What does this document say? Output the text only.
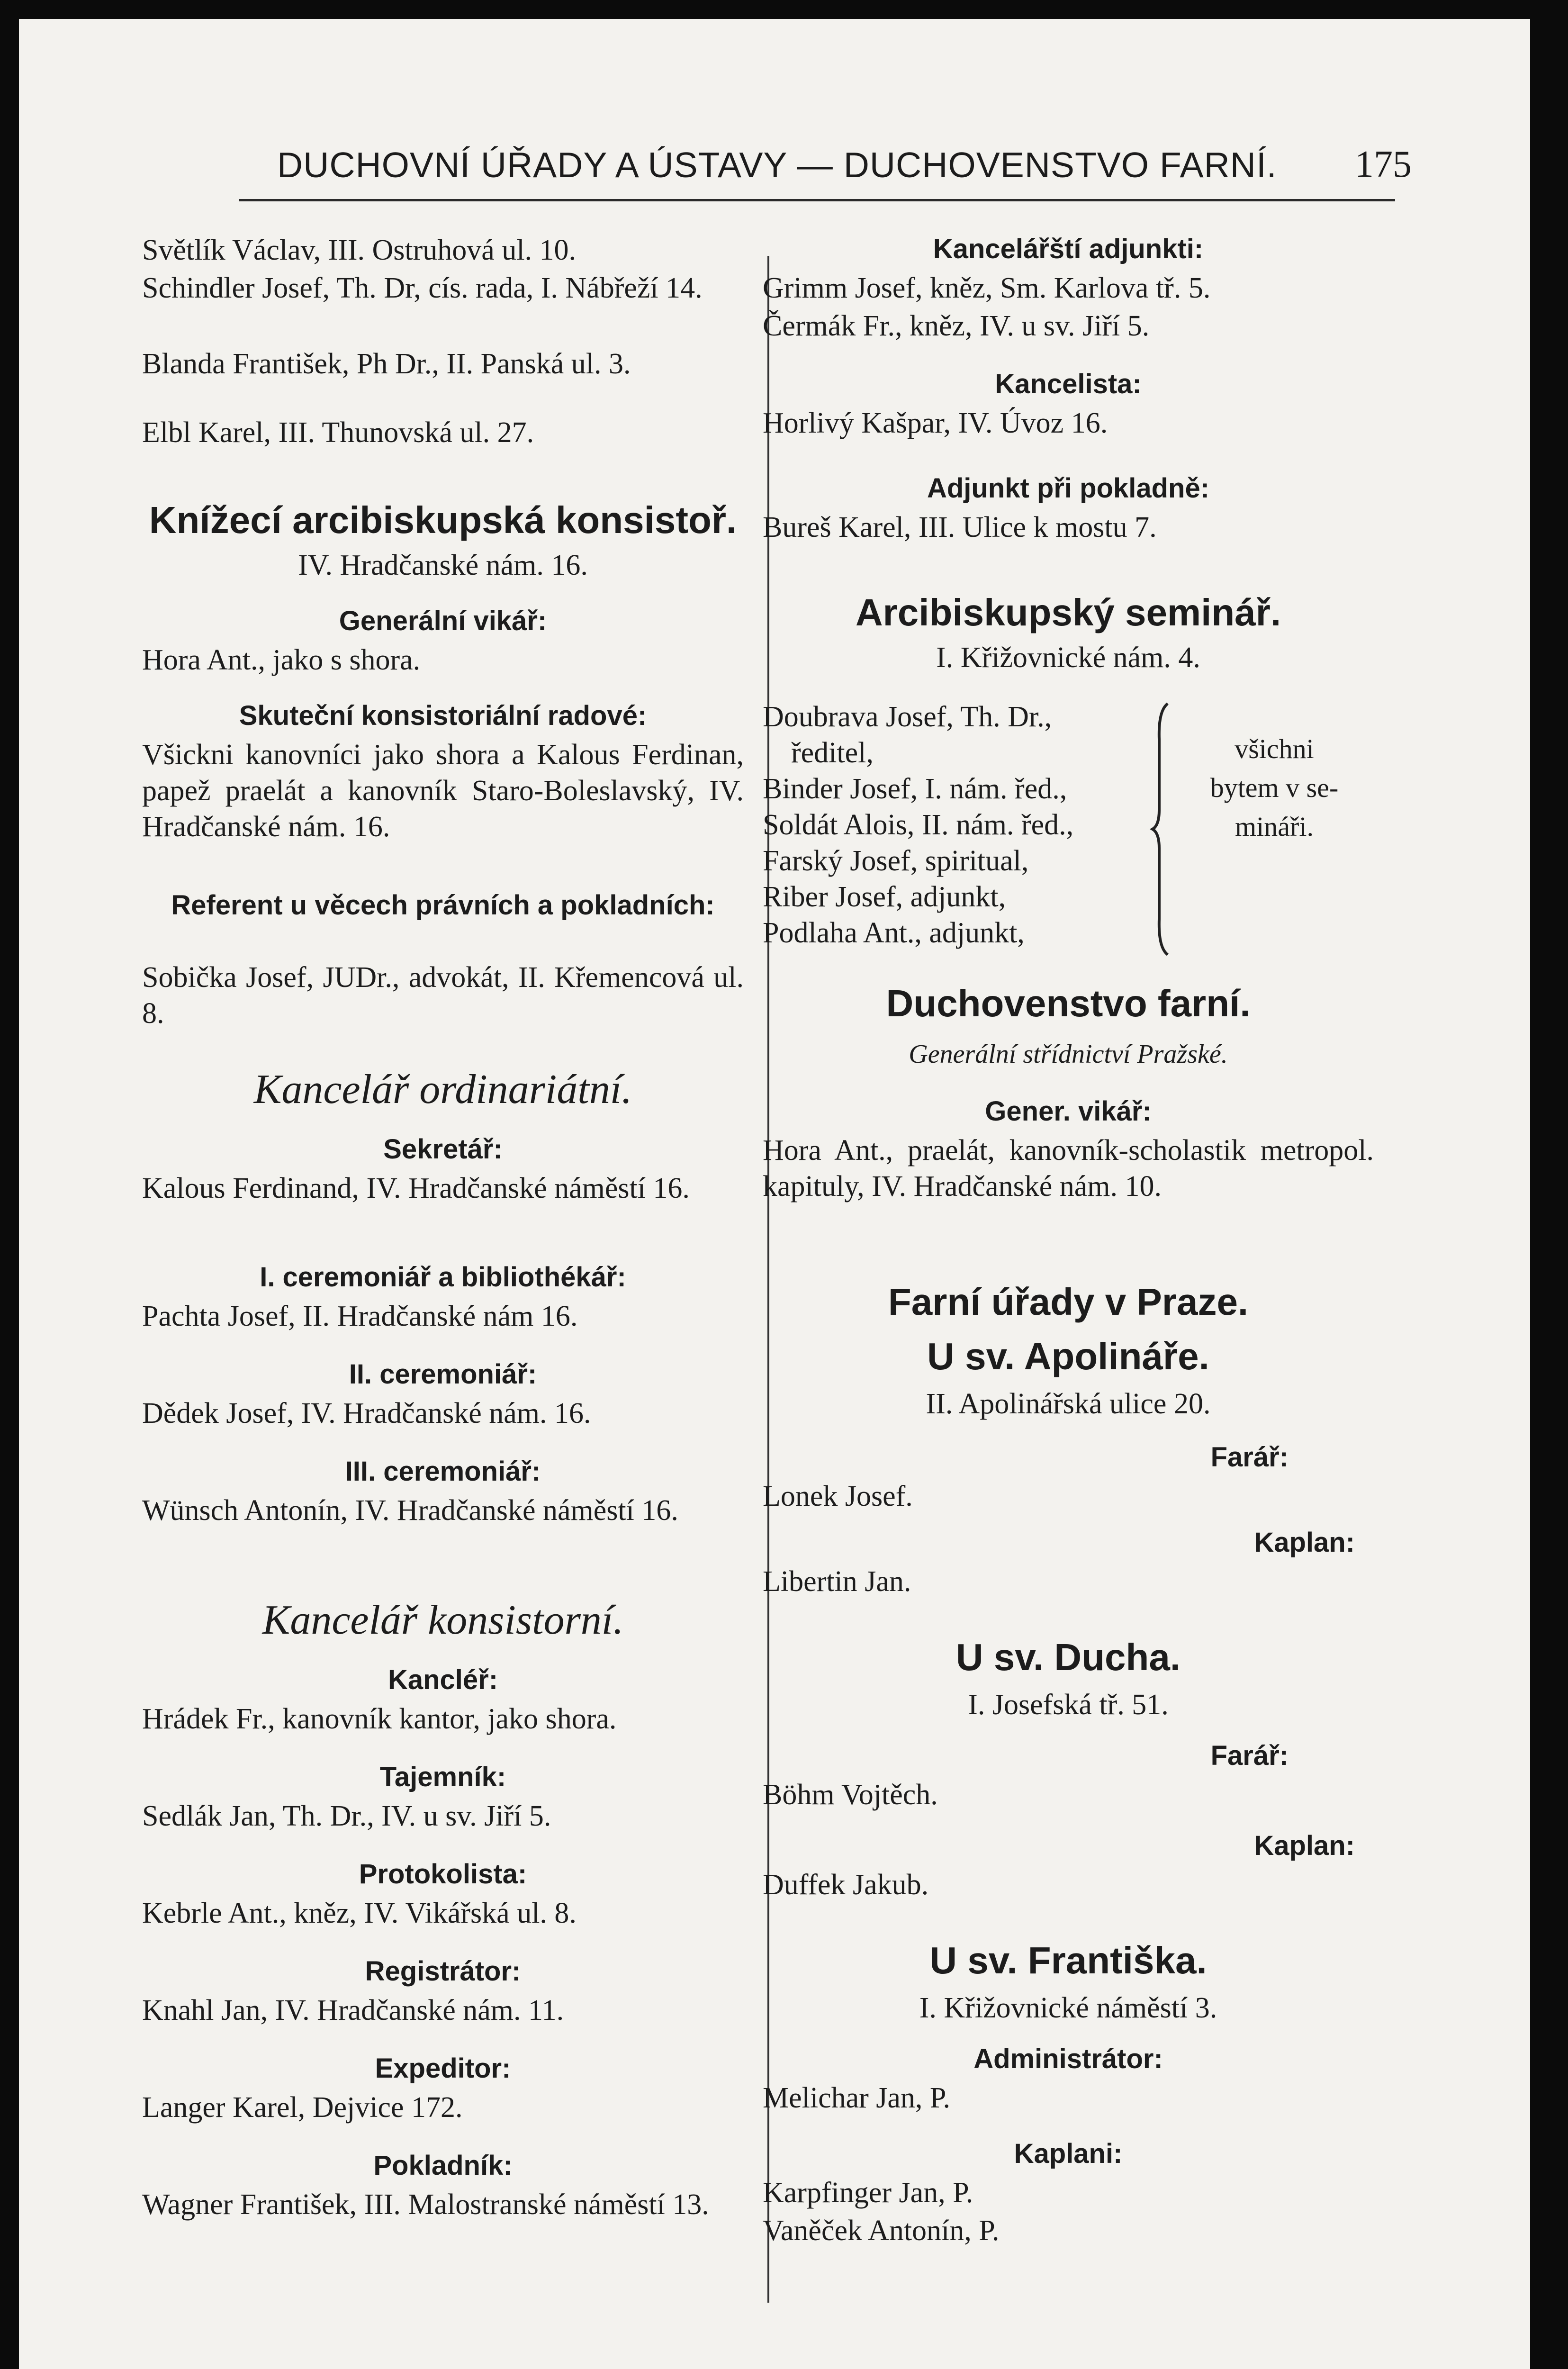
DUCHOVNÍ ÚŘADY A ÚSTAVY — DUCHOVENSTVO FARNÍ. 175
Světlík Václav, III. Ostruhová ul. 10.
Schindler Josef, Th. Dr, cís. rada, I. Nábřeží 14.
Blanda František, Ph Dr., II. Panská ul. 3.
Elbl Karel, III. Thunovská ul. 27.
Knížecí arcibiskupská konsistoř.
IV. Hradčanské nám. 16.
Generální vikář:
Hora Ant., jako s shora.
Skuteční konsistoriální radové:
Všickni kanovníci jako shora a Kalous Ferdinan, papež praelát a kanovník Staro-Boleslavský, IV. Hradčanské nám. 16.
Referent u věcech právních a pokladních:
Sobička Josef, JUDr., advokát, II. Křemencová ul. 8.
Kancelář ordinariátní.
Sekretář:
Kalous Ferdinand, IV. Hradčanské náměstí 16.
I. ceremoniář a bibliothékář:
Pachta Josef, II. Hradčanské nám 16.
II. ceremoniář:
Dědek Josef, IV. Hradčanské nám. 16.
III. ceremoniář:
Wünsch Antonín, IV. Hradčanské náměstí 16.
Kancelář konsistorní.
Kancléř:
Hrádek Fr., kanovník kantor, jako shora.
Tajemník:
Sedlák Jan, Th. Dr., IV. u sv. Jiří 5.
Protokolista:
Kebrle Ant., kněz, IV. Vikářská ul. 8.
Registrátor:
Knahl Jan, IV. Hradčanské nám. 11.
Expeditor:
Langer Karel, Dejvice 172.
Pokladník:
Wagner František, III. Malostranské náměstí 13.
Kancelářští adjunkti:
Grimm Josef, kněz, Sm. Karlova tř. 5.
Čermák Fr., kněz, IV. u sv. Jiří 5.
Kancelista:
Horlivý Kašpar, IV. Úvoz 16.
Adjunkt při pokladně:
Bureš Karel, III. Ulice k mostu 7.
Arcibiskupský seminář.
I. Křižovnické nám. 4.
Doubrava Josef, Th. Dr.,
ředitel,
Binder Josef, I. nám. řed.,
Soldát Alois, II. nám. řed.,
Farský Josef, spiritual,
Riber Josef, adjunkt,
Podlaha Ant., adjunkt,
všichni
bytem v se-
mináři.
Duchovenstvo farní.
Generální střídnictví Pražské.
Gener. vikář:
Hora Ant., praelát, kanovník-scholastik metropol. kapituly, IV. Hradčanské nám. 10.
Farní úřady v Praze.
U sv. Apolináře.
II. Apolinářská ulice 20.
Farář:
Lonek Josef.
Kaplan:
Libertin Jan.
U sv. Ducha.
I. Josefská tř. 51.
Farář:
Böhm Vojtěch.
Kaplan:
Duffek Jakub.
U sv. Františka.
I. Křižovnické náměstí 3.
Administrátor:
Melichar Jan, P.
Kaplani:
Karpfinger Jan, P.
Vaněček Antonín, P.
